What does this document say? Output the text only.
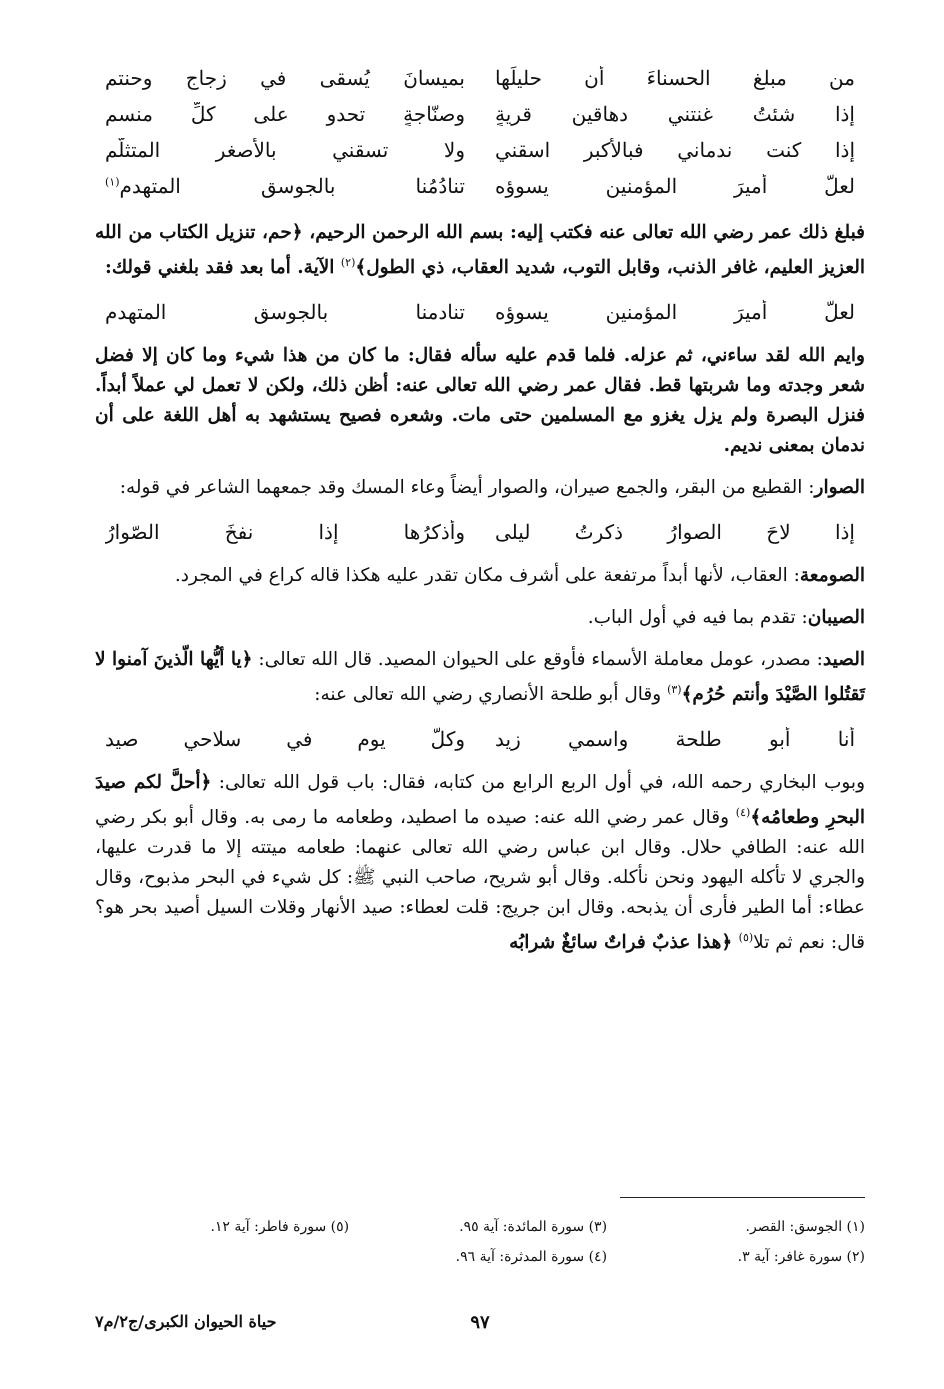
من مبلغِ الحسناءَ أن حليلَها
بميسانَ يُسقى في زجاجٍ وحنتمِ
إذا شئتُ غنتني دهاقين قريةٍ
وصنّاجةٍ تحدو على كلِّ منسم
إذا كنت ندماني فبالأكبر اسقني
ولا تسقني بالأصغرِ المتثلّمِ
لعلَّ أميرَ المؤمنين يسوؤه
تنادُمُنا بالجوسقِ المتهدمِ$^{(١)}$

فبلغ ذلك عمر رضي الله تعالى عنه فكتب إليه: بسم الله الرحمن الرحيم، ﴿حم، تنزيل الكتاب من الله العزيز العليم، غافر الذنب، وقابل التوب، شديد العقاب، ذي الطول﴾$^{(٢)}$ الآية. أما بعد فقد بلغني قولك:

لعلَّ أميرَ المؤمنين يسوؤه
تنادمنا بالجوسقِ المتهدم

وايم الله لقد ساءني، ثم عزله. فلما قدم عليه سأله فقال: ما كان من هذا شيء وما كان إلا فضل شعر وجدته وما شربتها قط. فقال عمر رضي الله تعالى عنه: أظن ذلك، ولكن لا تعمل لي عملاً أبداً. فنزل البصرة ولم يزل يغزو مع المسلمين حتى مات. وشعره فصيح يستشهد به أهل اللغة على أن ندمان بمعنى نديم.

الصوار: القطيع من البقر، والجمع صيران، والصوار أيضاً وعاء المسك وقد جمعهما الشاعر في قوله:

إذا لاحَ الصوارُ ذكرتُ ليلى
وأذكرُها إذا نفخَ الصّوارُ

الصومعة: العقاب، لأنها أبداً مرتفعة على أشرف مكان تقدر عليه هكذا قاله كراع في المجرد.

الصيبان: تقدم بما فيه في أول الباب.

الصيد: مصدر، عومل معاملة الأسماء فأوقع على الحيوان المصيد. قال الله تعالى: ﴿يا أيُّها الّذينَ آمنوا لا تَقتُلوا الصَّيْدَ وأنتم حُرُم﴾$^{(٣)}$ وقال أبو طلحة الأنصاري رضي الله تعالى عنه:

أنا أبو طلحة واسمي زيد
وكلَّ يومٍ في سلاحي صيد

وبوب البخاري رحمه الله، في أول الربع الرابع من كتابه، فقال: باب قول الله تعالى: ﴿أحلَّ لكم صيدَ البحرِ وطعامُه﴾$^{(٤)}$ وقال عمر رضي الله عنه: صيده ما اصطيد، وطعامه ما رمى به. وقال أبو بكر رضي الله عنه: الطافي حلال. وقال ابن عباس رضي الله تعالى عنهما: طعامه ميتته إلا ما قدرت عليها، والجري لا تأكله اليهود ونحن نأكله. وقال أبو شريح، صاحب النبي ﷺ: كل شيء في البحر مذبوح، وقال عطاء: أما الطير فأرى أن يذبحه. وقال ابن جريج: قلت لعطاء: صيد الأنهار وقلات السيل أصيد بحر هو؟ قال: نعم ثم تلا$^{(٥)}$ ﴿هذا عذبٌ فراتٌ سائغٌ شرابُه

(١) الجوسق: القصر.
(٣) سورة المائدة: آية ٩٥.
(٥) سورة فاطر: آية ١٢.
(٢) سورة غافر: آية ٣.
(٤) سورة المدثرة: آية ٩٦.
٩٧
حياة الحيوان الكبرى/ج٢/م٧
